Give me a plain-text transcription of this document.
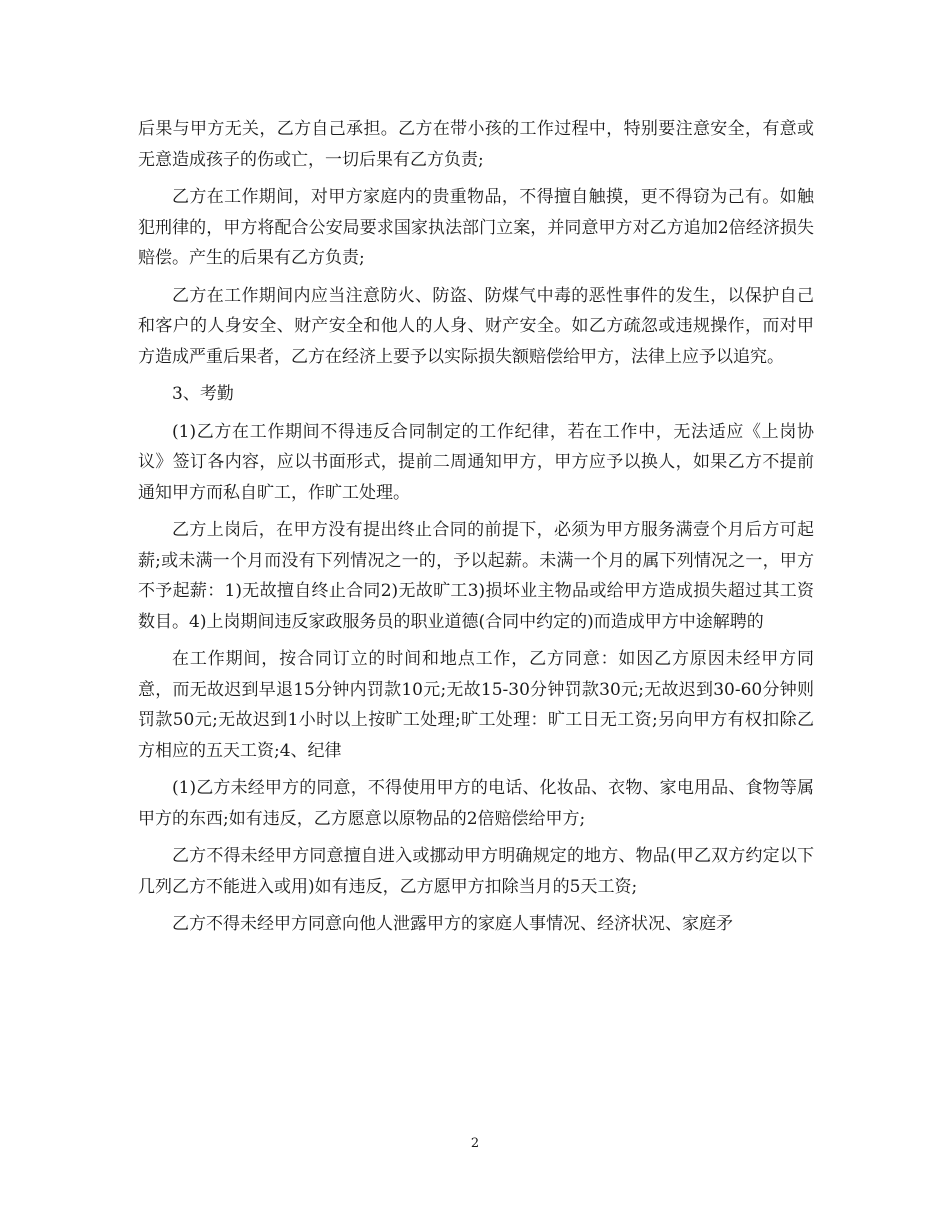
后果与甲方无关，乙方自己承担。乙方在带小孩的工作过程中，特别要注意安全，有意或无意造成孩子的伤或亡，一切后果有乙方负责;

乙方在工作期间，对甲方家庭内的贵重物品，不得擅自触摸，更不得窃为己有。如触犯刑律的，甲方将配合公安局要求国家执法部门立案，并同意甲方对乙方追加2倍经济损失赔偿。产生的后果有乙方负责;

乙方在工作期间内应当注意防火、防盗、防煤气中毒的恶性事件的发生，以保护自己和客户的人身安全、财产安全和他人的人身、财产安全。如乙方疏忽或违规操作，而对甲方造成严重后果者，乙方在经济上要予以实际损失额赔偿给甲方，法律上应予以追究。

3、考勤

(1)乙方在工作期间不得违反合同制定的工作纪律，若在工作中，无法适应《上岗协议》签订各内容，应以书面形式，提前二周通知甲方，甲方应予以换人，如果乙方不提前通知甲方而私自旷工，作旷工处理。

乙方上岗后，在甲方没有提出终止合同的前提下，必须为甲方服务满壹个月后方可起薪;或未满一个月而没有下列情况之一的，予以起薪。未满一个月的属下列情况之一，甲方不予起薪：1)无故擅自终止合同2)无故旷工3)损坏业主物品或给甲方造成损失超过其工资数目。4)上岗期间违反家政服务员的职业道德(合同中约定的)而造成甲方中途解聘的

在工作期间，按合同订立的时间和地点工作，乙方同意：如因乙方原因未经甲方同意，而无故迟到早退15分钟内罚款10元;无故15-30分钟罚款30元;无故迟到30-60分钟则罚款50元;无故迟到1小时以上按旷工处理;旷工处理：旷工日无工资;另向甲方有权扣除乙方相应的五天工资;4、纪律

(1)乙方未经甲方的同意，不得使用甲方的电话、化妆品、衣物、家电用品、食物等属甲方的东西;如有违反，乙方愿意以原物品的2倍赔偿给甲方;

乙方不得未经甲方同意擅自进入或挪动甲方明确规定的地方、物品(甲乙双方约定以下几列乙方不能进入或用)如有违反，乙方愿甲方扣除当月的5天工资;

乙方不得未经甲方同意向他人泄露甲方的家庭人事情况、经济状况、家庭矛

2
